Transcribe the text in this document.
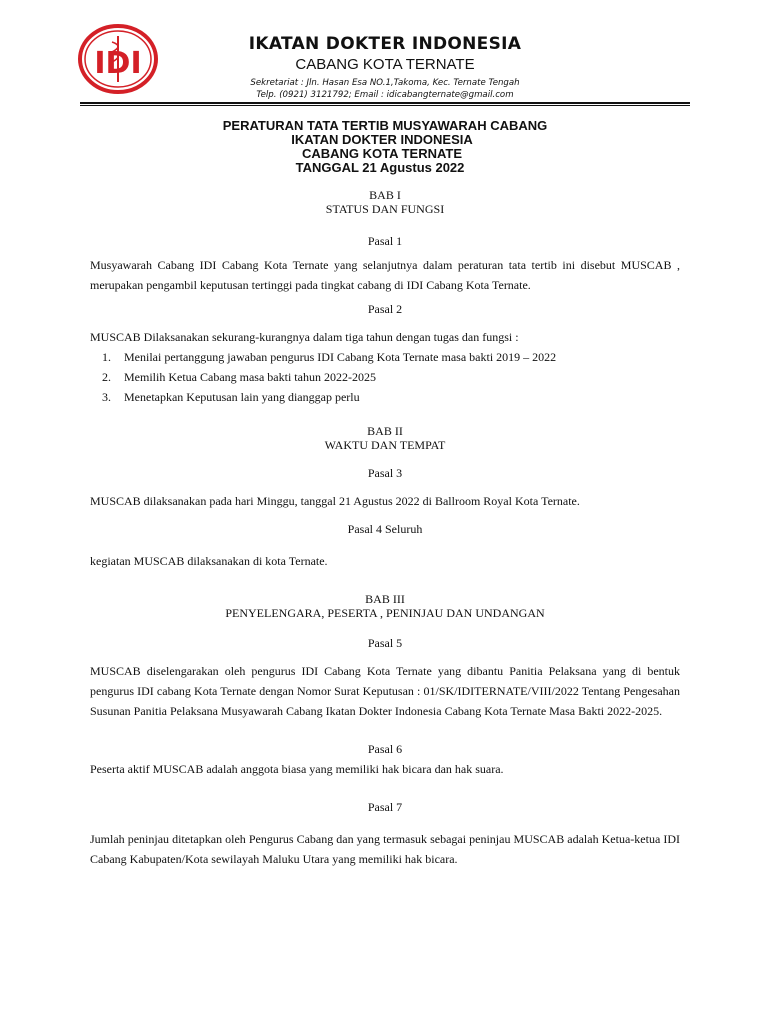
IDI

IKATAN DOKTER INDONESIA

CABANG KOTA TERNATE

Sekretariat : Jln. Hasan Esa NO.1,Takoma, Kec. Ternate Tengah

Telp. (0921) 3121792; Email : idicabangternate@gmail.com

PERATURAN TATA TERTIB MUSYAWARAH CABANG
IKATAN DOKTER INDONESIA
CABANG KOTA TERNATE
TANGGAL 21 Agustus 2022

BAB I

STATUS DAN FUNGSI

Pasal 1

Musyawarah Cabang IDI Cabang Kota Ternate yang selanjutnya dalam peraturan tata tertib ini disebut MUSCAB , merupakan pengambil keputusan tertinggi pada tingkat cabang di IDI Cabang Kota Ternate.

Pasal 2

MUSCAB Dilaksanakan sekurang-kurangnya dalam tiga tahun dengan tugas dan fungsi :

1. Menilai pertanggung jawaban pengurus IDI Cabang Kota Ternate masa bakti 2019 – 2022
2. Memilih Ketua Cabang masa bakti tahun 2022-2025
3. Menetapkan Keputusan lain yang dianggap perlu

BAB II

WAKTU DAN TEMPAT

Pasal 3

MUSCAB dilaksanakan pada hari Minggu, tanggal 21 Agustus 2022 di Ballroom Royal Kota Ternate.

Pasal 4 Seluruh

kegiatan MUSCAB dilaksanakan di kota Ternate.

BAB III

PENYELENGARA, PESERTA , PENINJAU DAN UNDANGAN

Pasal 5

MUSCAB diselengarakan oleh pengurus IDI Cabang Kota Ternate yang dibantu Panitia Pelaksana yang di bentuk pengurus IDI cabang Kota Ternate dengan Nomor Surat Keputusan : 01/SK/IDITERNATE/VIII/2022 Tentang Pengesahan Susunan Panitia Pelaksana Musyawarah Cabang Ikatan Dokter Indonesia Cabang Kota Ternate Masa Bakti 2022-2025.

Pasal 6

Peserta aktif MUSCAB adalah anggota biasa yang memiliki hak bicara dan hak suara.

Pasal 7

Jumlah peninjau ditetapkan oleh Pengurus Cabang dan yang termasuk sebagai peninjau MUSCAB adalah Ketua-ketua IDI Cabang Kabupaten/Kota sewilayah Maluku Utara yang memiliki hak bicara.
